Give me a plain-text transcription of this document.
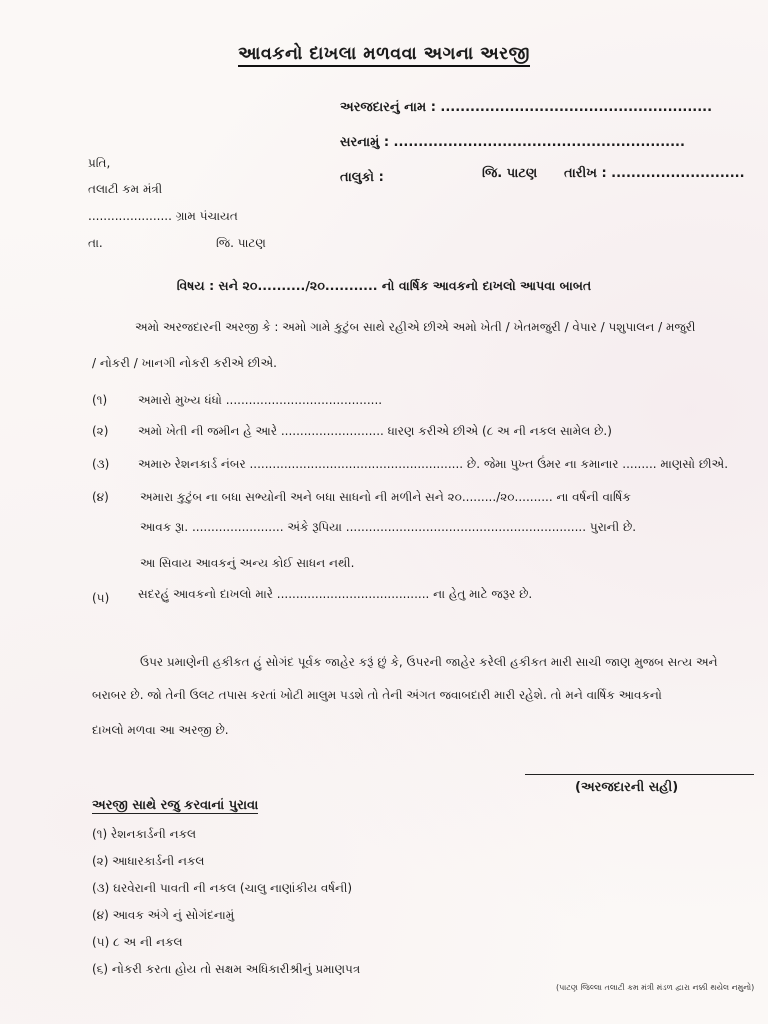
આવકનો દાખલા મળવવા અગના અરજી
અરજદારનું નામ : .......................................................
સરનામું : ...........................................................
તાલુકો :	જિ. પાટણ તારીખ : ...........................
પ્રતિ,
તલાટી કમ મંત્રી
...................... ગ્રામ પંચાયત
તા.	જિ. પાટણ
વિષય : સને ૨૦........../૨૦........... નો વાર્ષિક આવકનો દાખલો આપવા બાબત
અમો અરજદારની અરજી કે : અમો ગામે કુટુંબ સાથે રહીએ છીએ અમો ખેતી / ખેતમજુરી / વેપાર / પશુપાલન / મજુરી
/ નોકરી / ખાનગી નોકરી કરીએ છીએ.
(૧)	અમારો મુખ્ય ધંધો .........................................
(૨) અમો ખેતી ની જમીન હે આરે ........................... ધારણ કરીએ છીએ (૮ અ ની નકલ સામેલ છે.)
(૩) અમારુ રેશનકાર્ડ નંબર ........................................................ છે. જેમા પુખ્ત ઉંમર ના કમાનાર ......... માણસો છીએ.
(૪)	અમારા કુટુંબ ના બધા સભ્યોની અને બધા સાધનો ની મળીને સને ૨૦........./૨૦.......... ના વર્ષની વાર્ષિક
આવક રૂા. ........................ અંકે રૂપિયા ............................................................... પુરાની છે.
આ સિવાય આવકનું અન્ય કોઈ સાધન નથી.
(૫) સદરહું આવકનો દાખલો મારે ........................................ ના હેતુ માટે જરૂર છે.
ઉપર પ્રમાણેની હકીકત હું સોગંદ પૂર્વક જાહેર કરૂં છું કે, ઉપરની જાહેર કરેલી હકીકત મારી સાચી જાણ મુજબ સત્ય અને
બરાબર છે. જો તેની ઉલટ તપાસ કરતાં ખોટી માલુમ પડશે તો તેની અંગત જવાબદારી મારી રહેશે. તો મને વાર્ષિક આવકનો
દાખલો મળવા આ અરજી છે.
(અરજદારની સહી)
અરજી સાથે રજુ કરવાનાં પુરાવા
(૧) રેશનકાર્ડની નકલ
(૨) આધારકાર્ડની નકલ
(૩) ઘરવેરાની પાવતી ની નકલ (ચાલુ નાણાંકીય વર્ષની)
(૪) આવક અંગે નું સોગંદનામું
(૫) ૮ અ ની નકલ
(૬) નોકરી કરતા હોય તો સક્ષમ અધિકારીશ્રીનું પ્રમાણપત્ર
(પાટણ જિલ્લા તલાટી કમ મંત્રી મંડળ દ્વારા નક્કી થયેલ નમુનો)
